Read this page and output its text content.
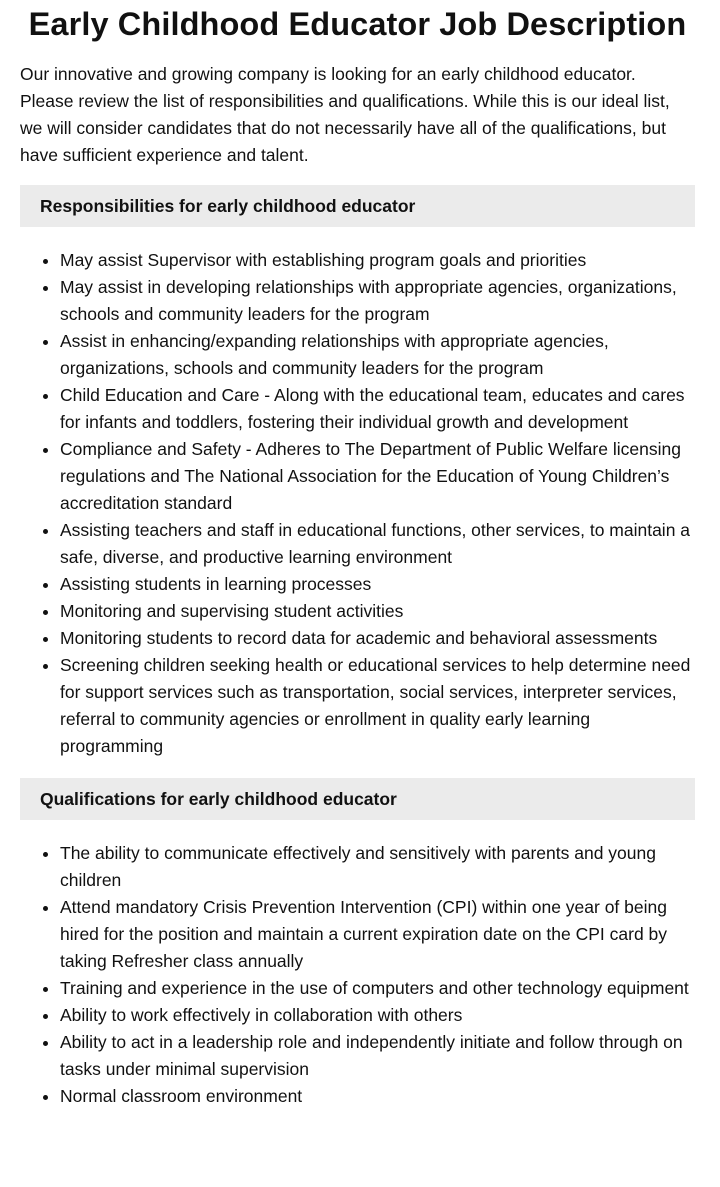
Early Childhood Educator Job Description

Our innovative and growing company is looking for an early childhood educator. Please review the list of responsibilities and qualifications. While this is our ideal list, we will consider candidates that do not necessarily have all of the qualifications, but have sufficient experience and talent.

Responsibilities for early childhood educator
• May assist Supervisor with establishing program goals and priorities
• May assist in developing relationships with appropriate agencies, organizations, schools and community leaders for the program
• Assist in enhancing/expanding relationships with appropriate agencies, organizations, schools and community leaders for the program
• Child Education and Care - Along with the educational team, educates and cares for infants and toddlers, fostering their individual growth and development
• Compliance and Safety - Adheres to The Department of Public Welfare licensing regulations and The National Association for the Education of Young Children’s accreditation standard
• Assisting teachers and staff in educational functions, other services, to maintain a safe, diverse, and productive learning environment
• Assisting students in learning processes
• Monitoring and supervising student activities
• Monitoring students to record data for academic and behavioral assessments
• Screening children seeking health or educational services to help determine need for support services such as transportation, social services, interpreter services, referral to community agencies or enrollment in quality early learning programming
Qualifications for early childhood educator
• The ability to communicate effectively and sensitively with parents and young children
• Attend mandatory Crisis Prevention Intervention (CPI) within one year of being hired for the position and maintain a current expiration date on the CPI card by taking Refresher class annually
• Training and experience in the use of computers and other technology equipment
• Ability to work effectively in collaboration with others
• Ability to act in a leadership role and independently initiate and follow through on tasks under minimal supervision
• Normal classroom environment
